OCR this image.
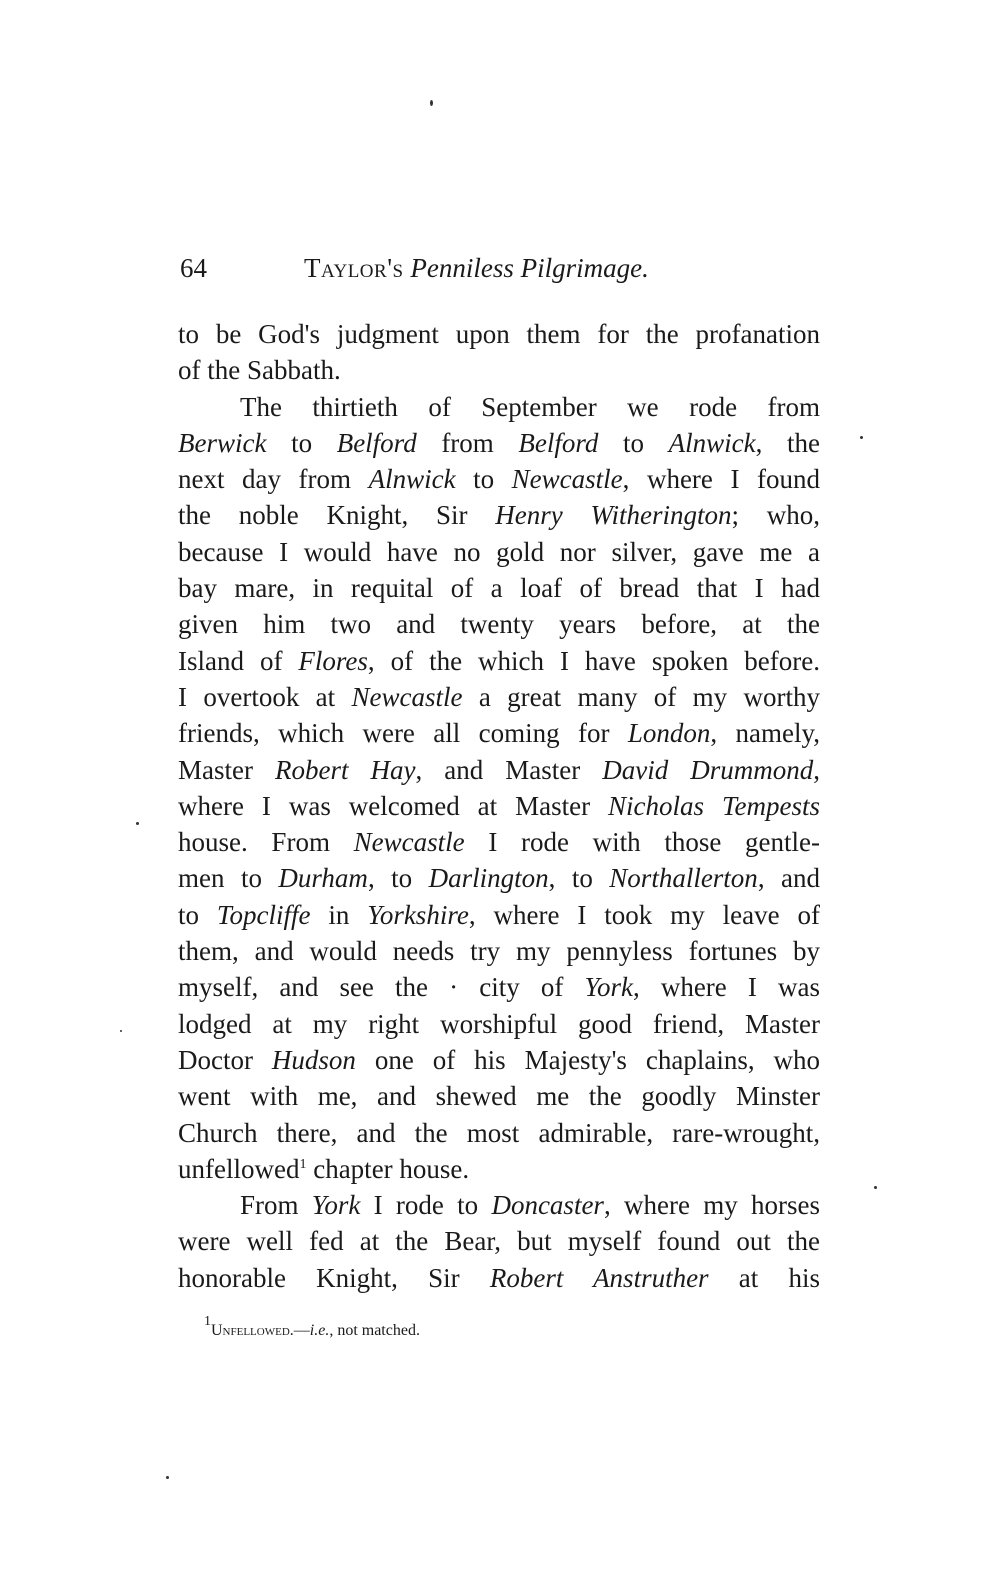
64	Taylor's Penniless Pilgrimage.
to be God's judgment upon them for the profanation
of the Sabbath.
The thirtieth of September we rode from
Berwick to Belford from Belford to Alnwick, the
next day from Alnwick to Newcastle, where I found
the noble Knight, Sir Henry Witherington; who,
because I would have no gold nor silver, gave me a
bay mare, in requital of a loaf of bread that I had
given him two and twenty years before, at the
Island of Flores, of the which I have spoken before.
I overtook at Newcastle a great many of my worthy
friends, which were all coming for London, namely,
Master Robert Hay, and Master David Drummond,
where I was welcomed at Master Nicholas Tempests
house. From Newcastle I rode with those gentle-
men to Durham, to Darlington, to Northallerton, and
to Topcliffe in Yorkshire, where I took my leave of
them, and would needs try my pennyless fortunes by
myself, and see the · city of York, where I was
lodged at my right worshipful good friend, Master
Doctor Hudson one of his Majesty's chaplains, who
went with me, and shewed me the goodly Minster
Church there, and the most admirable, rare-wrought,
unfellowed$^1$ chapter house.
From York I rode to Doncaster, where my horses
were well fed at the Bear, but myself found out the
honorable Knight, Sir Robert Anstruther at his
$^1$Unfellowed.—i.e., not matched.
